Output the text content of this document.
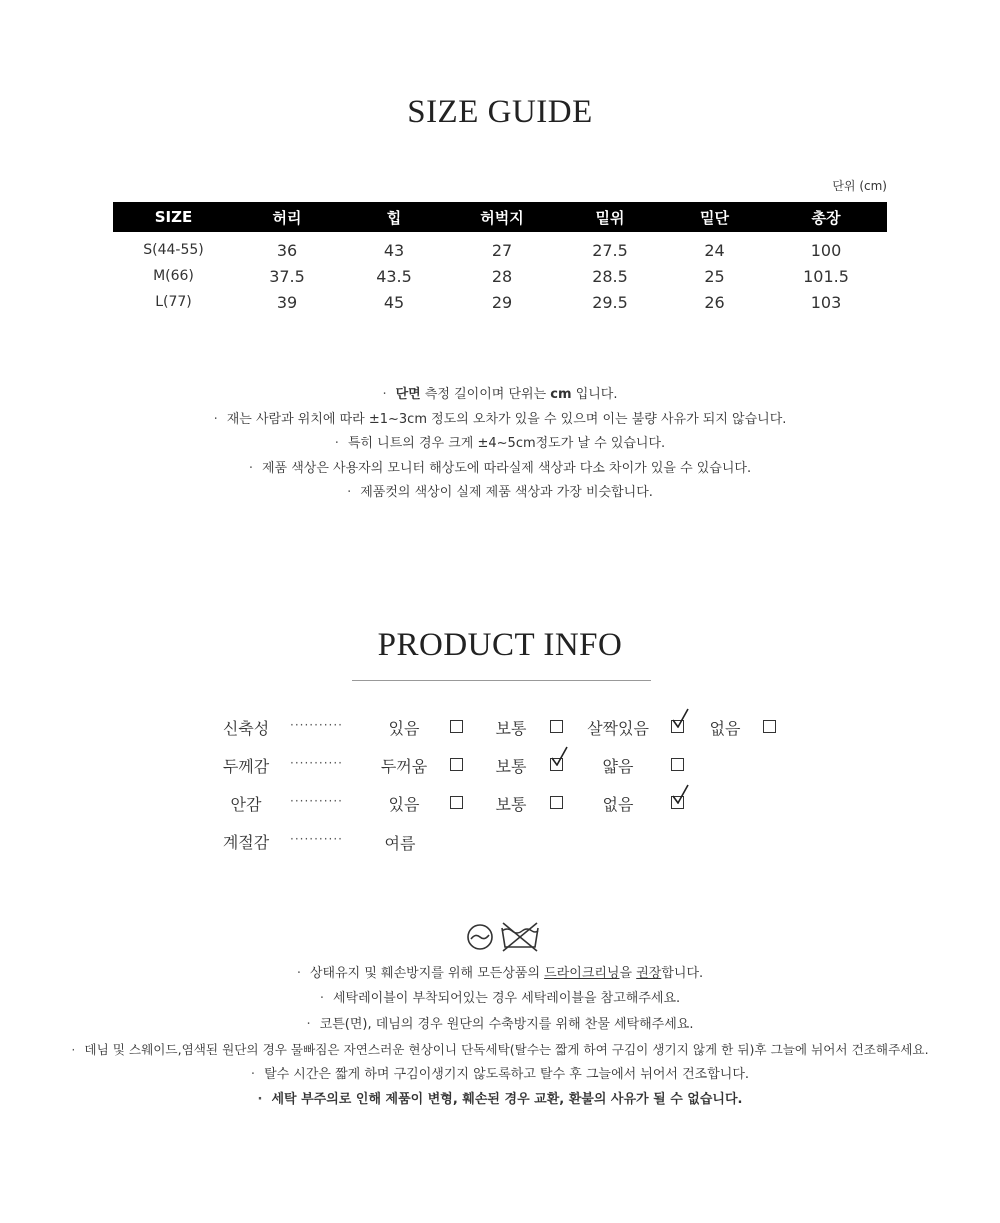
SIZE GUIDE
단위 (cm)
SIZE	허리	힙	허벅지	밑위	밑단	총장

S(44-55)	36	43	27	27.5	24	100
M(66)	37.5	43.5	28	28.5	25	101.5
L(77)	39	45	29	29.5	26	103

· 단면 측정 길이이며 단위는 cm 입니다.

· 재는 사람과 위치에 따라 ±1~3cm 정도의 오차가 있을 수 있으며 이는 불량 사유가 되지 않습니다.

· 특히 니트의 경우 크게 ±4~5cm정도가 날 수 있습니다.

· 제품 색상은 사용자의 모니터 해상도에 따라실제 색상과 다소 차이가 있을 수 있습니다.

· 제품컷의 색상이 실제 제품 색상과 가장 비슷합니다.

PRODUCT INFO
신축성	···········	있음	보통	살짝있음	없음
두께감	···········	두꺼움	보통	얇음
안감	···········	있음	보통	없음
계절감	···········	여름

· 상태유지 및 훼손방지를 위해 모든상품의 드라이크리닝을 권장합니다.

· 세탁레이블이 부착되어있는 경우 세탁레이블을 참고해주세요.

· 코튼(면), 데님의 경우 원단의 수축방지를 위해 찬물 세탁해주세요.

· 데님 및 스웨이드,염색된 원단의 경우 물빠짐은 자연스러운 현상이니 단독세탁(탈수는 짧게 하여 구김이 생기지 않게 한 뒤)후 그늘에 뉘어서 건조해주세요.

· 탈수 시간은 짧게 하며 구김이생기지 않도록하고 탈수 후 그늘에서 뉘어서 건조합니다.

· 세탁 부주의로 인해 제품이 변형, 훼손된 경우 교환, 환불의 사유가 될 수 없습니다.
